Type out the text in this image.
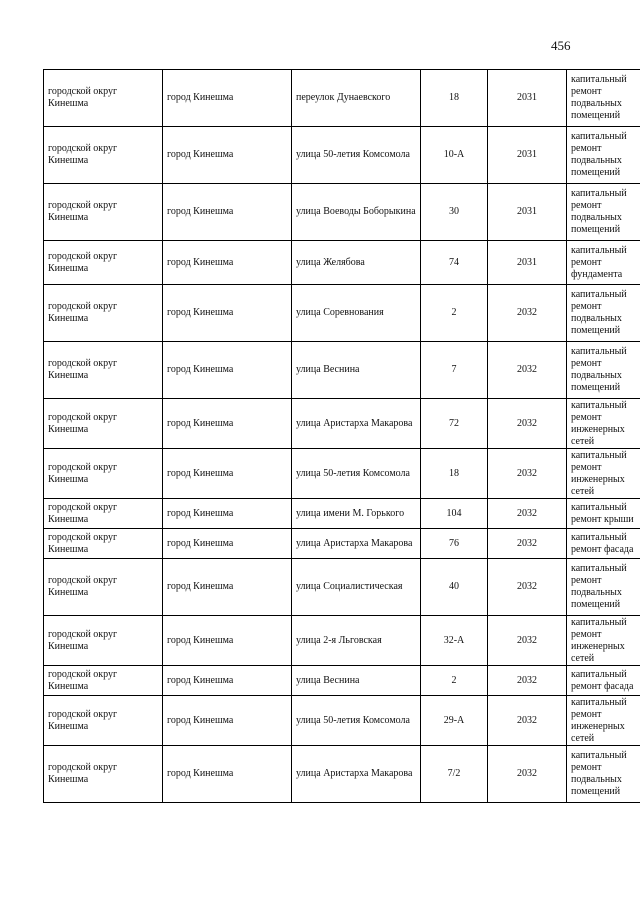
456
городской округ Кинешма	город Кинешма	переулок Дунаевского	18	2031	капитальный ремонт подвальных помещений
городской округ Кинешма	город Кинешма	улица 50-летия Комсомола	10-А	2031	капитальный ремонт подвальных помещений
городской округ Кинешма	город Кинешма	улица Воеводы Боборыкина	30	2031	капитальный ремонт подвальных помещений
городской округ Кинешма	город Кинешма	улица Желябова	74	2031	капитальный ремонт фундамента
городской округ Кинешма	город Кинешма	улица Соревнования	2	2032	капитальный ремонт подвальных помещений
городской округ Кинешма	город Кинешма	улица Веснина	7	2032	капитальный ремонт подвальных помещений
городской округ Кинешма	город Кинешма	улица Аристарха Макарова	72	2032	капитальный ремонт инженерных сетей
городской округ Кинешма	город Кинешма	улица 50-летия Комсомола	18	2032	капитальный ремонт инженерных сетей
городской округ Кинешма	город Кинешма	улица имени М. Горького	104	2032	капитальный ремонт крыши
городской округ Кинешма	город Кинешма	улица Аристарха Макарова	76	2032	капитальный ремонт фасада
городской округ Кинешма	город Кинешма	улица Социалистическая	40	2032	капитальный ремонт подвальных помещений
городской округ Кинешма	город Кинешма	улица 2-я Льговская	32-А	2032	капитальный ремонт инженерных сетей
городской округ Кинешма	город Кинешма	улица Веснина	2	2032	капитальный ремонт фасада
городской округ Кинешма	город Кинешма	улица 50-летия Комсомола	29-А	2032	капитальный ремонт инженерных сетей
городской округ Кинешма	город Кинешма	улица Аристарха Макарова	7/2	2032	капитальный ремонт подвальных помещений
